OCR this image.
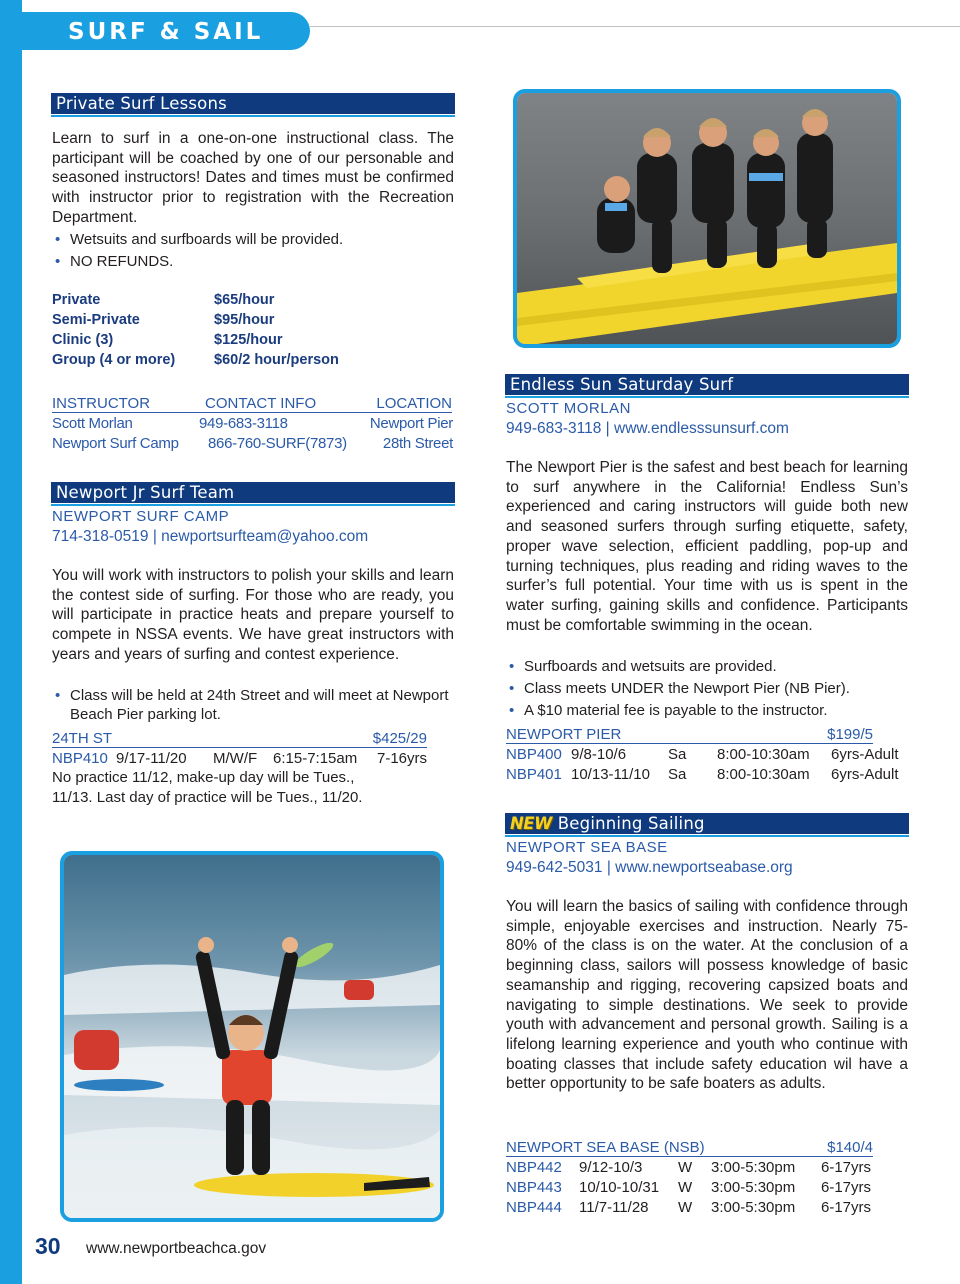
SURF & SAIL
Private Surf Lessons
Learn to surf in a one-on-one instructional class. The participant will be coached by one of our personable and seasoned instructors! Dates and times must be confirmed with instructor prior to registration with the Recreation Department.
• Wetsuits and surfboards will be provided.
• NO REFUNDS.
Private	$65/hour
Semi-Private	$95/hour
Clinic (3)	$125/hour
Group (4 or more)	$60/2 hour/person
INSTRUCTOR	CONTACT INFO	LOCATION
Scott Morlan	949-683-3118	Newport Pier
Newport Surf Camp 866-760-SURF(7873) 28th Street
Newport Jr Surf Team
NEWPORT SURF CAMP
714-318-0519 | newportsurfteam@yahoo.com
You will work with instructors to polish your skills and learn the contest side of surfing. For those who are ready, you will participate in practice heats and prepare yourself to compete in NSSA events. We have great instructors with years and years of surfing and contest experience.
• Class will be held at 24th Street and will meet at Newport Beach Pier parking lot.
24TH ST	$425/29
NBP410 9/17-11/20 M/W/F 6:15-7:15am 7-16yrs
No practice 11/12, make-up day will be Tues.,
11/13. Last day of practice will be Tues., 11/20.
Endless Sun Saturday Surf
SCOTT MORLAN
949-683-3118 | www.endlesssunsurf.com
The Newport Pier is the safest and best beach for learning to surf anywhere in the California! Endless Sun’s experienced and caring instructors will guide both new and seasoned surfers through surfing etiquette, safety, proper wave selection, efficient paddling, pop-up and turning techniques, plus reading and riding waves to the surfer’s full potential. Your time with us is spent in the water surfing, gaining skills and confidence. Participants must be comfortable swimming in the ocean.
• Surfboards and wetsuits are provided.
• Class meets UNDER the Newport Pier (NB Pier).
• A $10 material fee is payable to the instructor.
NEWPORT PIER	$199/5
NBP400 9/8-10/6	Sa 8:00-10:30am 6yrs-Adult
NBP401 10/13-11/10 Sa 8:00-10:30am 6yrs-Adult
NEW Beginning Sailing
NEWPORT SEA BASE
949-642-5031 | www.newportseabase.org
You will learn the basics of sailing with confidence through simple, enjoyable exercises and instruction. Nearly 75-80% of the class is on the water. At the conclusion of a beginning class, sailors will possess knowledge of basic seamanship and rigging, recovering capsized boats and navigating to simple destinations. We seek to provide youth with advancement and personal growth. Sailing is a lifelong learning experience and youth who continue with boating classes that include safety education wil have a better opportunity to be safe boaters as adults.
NEWPORT SEA BASE (NSB)	$140/4
NBP442 9/12-10/3 W 3:00-5:30pm 6-17yrs
NBP443 10/10-10/31 W 3:00-5:30pm 6-17yrs
NBP444 11/7-11/28 W 3:00-5:30pm 6-17yrs
30 www.newportbeachca.gov
